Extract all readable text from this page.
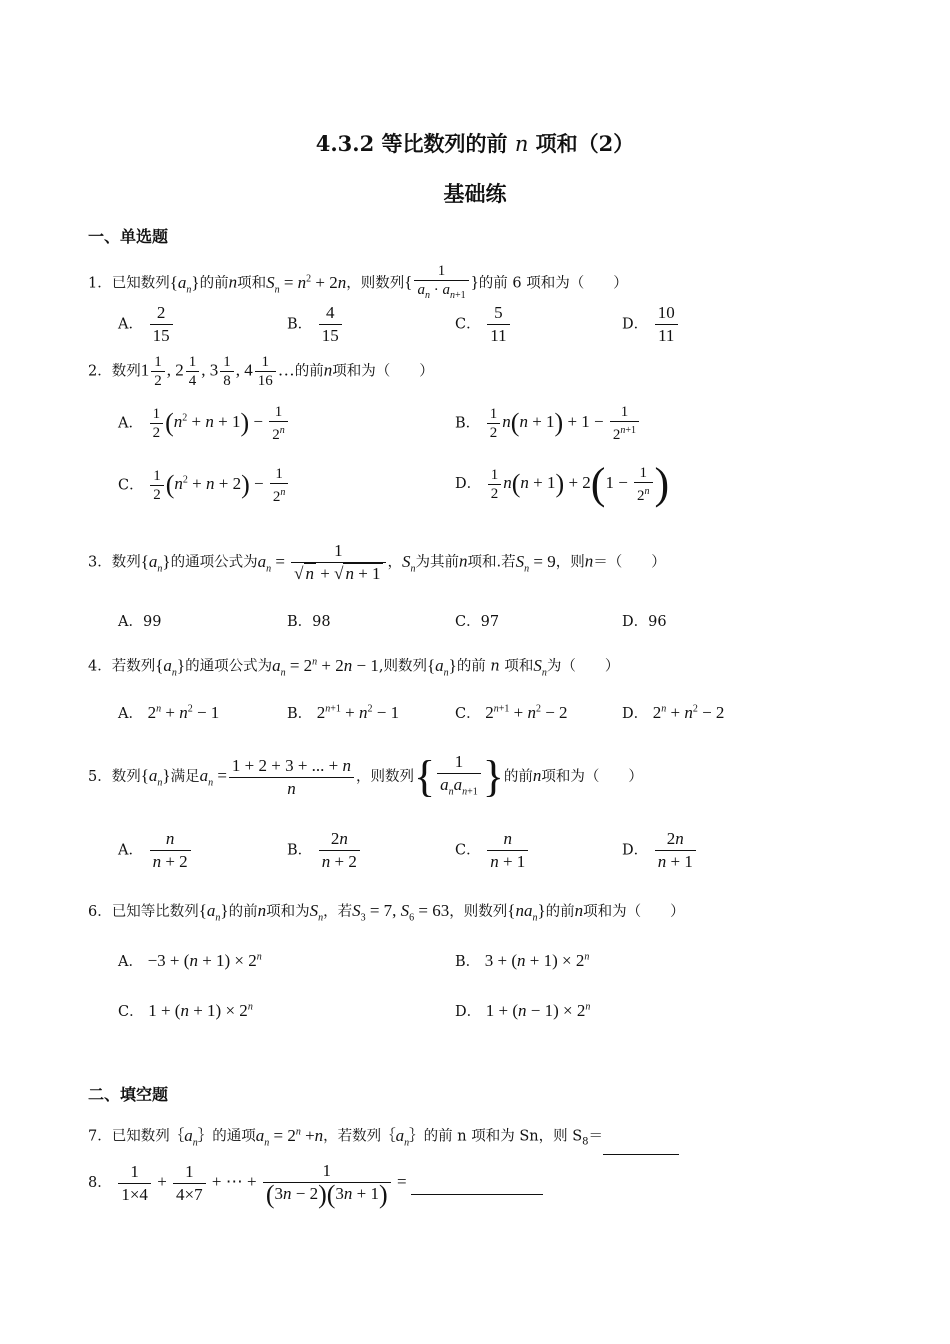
4.3.2 等比数列的前 n 项和（2）
基础练
一、单选题
1．已知数列$\{a_n\}$的前n项和$S_n = n^2 + 2n$，则数列{ $\frac{1}{a_n \cdot a_{n+1}}$ }的前 6 项和为（　　）
A． $\frac{2}{15}$	B． $\frac{4}{15}$	C． $\frac{5}{11}$	D． $\frac{10}{11}$
2．数列$1 \frac{1}{2}$ , $2 \frac{1}{4}$ , $3 \frac{1}{8}$ , $4 \frac{1}{16}$ …的前n项和为（　　）
A． $\frac{1}{2} (n^2 + n + 1) - \frac{1}{2^n}$	B． $\frac{1}{2} n(n + 1) + 1 - \frac{1}{2^{n+1}}$
C． $\frac{1}{2} (n^2 + n + 2) - \frac{1}{2^n}$	D． $\frac{1}{2} n(n + 1) + 2(1 - \frac{1}{2^n}$ )
3．数列$\{a_n\}$的通项公式为$a_n = \frac{1}{√ n + √ n + 1}$ ，$S_n$为其前n项和.若$S_n = 9$，则n＝（　　）
A．99	B．98	C．97	D．96
4．若数列$\{a_n\}$的通项公式为$a_n = 2^n + 2n - 1$,则数列$\{a_n\}$的前 n 项和$S_n$为（　　）
A． $2^n + n^2 - 1$	B． $2^{n+1} + n^2 - 1$	C． $2^{n+1} + n^2 - 2$	D． $2^n + n^2 - 2$
5．数列$\{a_n\}$满足$a_n = \frac{1 + 2 + 3 + ... + n}{n}$ ，则数列{ $\frac{1}{a_na_{n+1}}$ }的前n项和为（　　）
A． $\frac{n}{n + 2}$	B． $\frac{2n}{n + 2}$	C． $\frac{n}{n + 1}$	D． $\frac{2n}{n + 1}$
6．已知等比数列$\{a_n\}$的前n项和为$S_n$，若$S_3 = 7$, $S_6 = 63$，则数列$\{na_n\}$的前n项和为（　　）
A． $-3 + (n + 1) \times 2^n$	B． $3 + (n + 1) \times 2^n$
C． $1 + (n + 1) \times 2^n$	D． $1 + (n - 1) \times 2^n$
二、填空题
7．已知数列$\{a_n\}$的通项$a_n = 2^n +n$，若数列$\{a_n\}$的前 n 项和为 Sn，则 $S_8=$
8． $\frac{1}{1\times 4} + \frac{1}{4\times 7}$ + ⋯ + $\frac{1}{(3n - 2)(3n + 1)}$ =
